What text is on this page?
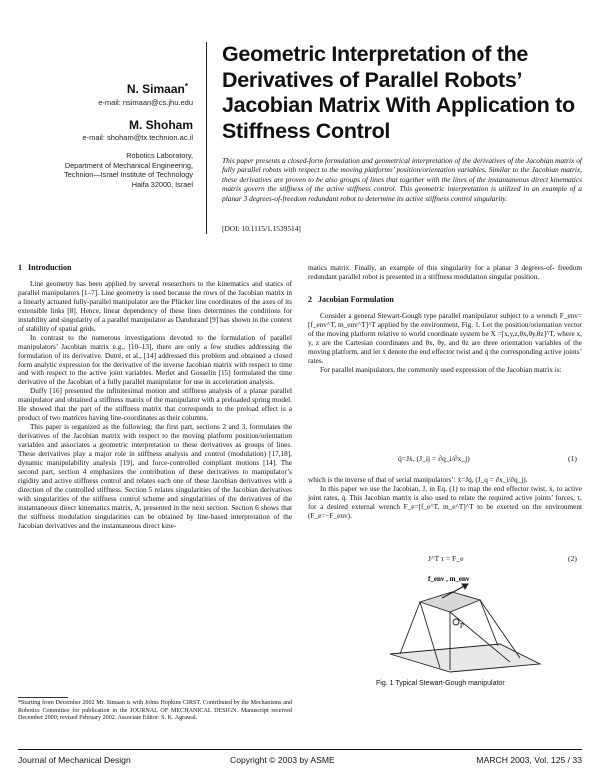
N. Simaan*
e-mail: nsimaan@cs.jhu.edu
M. Shoham
e-mail: shoham@tx.technion.ac.il
Robotics Laboratory,
Department of Mechanical Engineering,
Technion—Israel Institute of Technology
Haifa 32000, Israel
Geometric Interpretation of the Derivatives of Parallel Robots’ Jacobian Matrix With Application to Stiffness Control
This paper presents a closed-form formulation and geometrical interpretation of the derivatives of the Jacobian matrix of fully parallel robots with respect to the moving platforms’ position/orientation variables. Similar to the Jacobian matrix, these derivatives are proven to be also groups of lines that together with the lines of the instantaneous direct kinematics matrix govern the stiffness of the active stiffness control. This geometric interpretation is utilized in an example of a planar 3 degrees-of-freedom redundant robot to determine its active stiffness control singularity.
[DOI: 10.1115/1.1539514]
1 Introduction

Line geometry has been applied by several researchers to the kinematics and statics of parallel manipulators [1–7]. Line geometry is used because the rows of the Jacobian matrix in a linearly actuated fully-parallel manipulator are the Plücker line coordinates of the axes of its extensible links [8]. Hence, linear dependency of these lines determines the conditions for instability and singularity of a parallel manipulator as Dandurand [9] has shown in the context of stability of spatial grids.

In contrast to the numerous investigations devoted to the formulation of parallel manipulators’ Jacobian matrix e.g., [10–13], there are only a few studies addressing the formulation of its derivative. Dutré, et al., [14] addressed this problem and obtained a closed form analytic expression for the derivative of the inverse Jacobian matrix with respect to time and with respect to the active joint variables. Merlet and Gosselin [15] formulated the time derivative of the Jacobian of a fully parallel manipulator for use in acceleration analysis.

Duffy [16] presented the infinitesimal motion and stiffness analysis of a planar parallel manipulator and obtained a stiffness matrix of the manipulator with a preloaded spring model. He showed that the part of the stiffness matrix that corresponds to the preload effect is a product of two matrices having line-coordinates as their columns.

This paper is organized as the following: the first part, sections 2 and 3, formulates the derivatives of the Jacobian matrix with respect to the moving platform position/orientation variables and associates a geometric interpretation to these derivatives as groups of lines. These derivatives play a major role in stiffness analysis and control (modulation) [17,18], dynamic manipulability analysis [19], and force-controlled compliant motions [14]. The second part, section 4 emphasizes the contribution of these derivatives to manipulator’s rigidity and active stiffness control and relates each one of these Jacobian derivatives with a direction of the controlled stiffness. Section 5 relates singularities of the Jacobian derivatives with singularities of the stiffness control scheme and singularities of the derivatives of the instantaneous direct kinematics matrix, A, presented in the next section. Section 6 shows that the stiffness modulation singularities can be obtained by line-based interpretation of the Jacobian derivatives and the instantaneous direct kine-

*Starting from December 2002 Mr. Simaan is with Johns Hopkins CIRST. Contributed by the Mechanisms and Robotics Committee for publication in the JOURNAL OF MECHANICAL DESIGN. Manuscript received December 2000; revised February 2002. Associate Editor: S. K. Agrawal.

matics matrix. Finally, an example of this singularity for a planar 3 degrees-of- freedom redundant parallel robot is presented in a stiffness modulation singular position.

2 Jacobian Formulation

Consider a general Stewart-Gough type parallel manipulator subject to a wrench F_env=[f_env^T, m_env^T]^T applied by the environment, Fig. 1. Let the position/orientation vector of the moving platform relative to world coordinate system be X =[x,y,z,θx,θy,θz]^T, where x, y, z are the Cartesian coordinates and θx, θy, and θz are three orientation variables of the moving platform, and let ẋ denote the end effector twist and q̇ the corresponding active joints’ rates.

For parallel manipulators, the commonly used expression of the Jacobian matrix is:

q̇=Jẋ, (J_ij = ∂q_i/∂x_j)	(1)

which is the inverse of that of serial manipulators’: ẋ=Jq̇, (J_q = ∂x_i/∂q_j).

In this paper we use the Jacobian, J, in Eq. (1) to map the end effector twist, ẋ, to active joint rates, q̇. This Jacobian matrix is also used to relate the required active joints’ forces, τ, for a desired external wrench F_e=[f_e^T, m_e^T]^T to be exerted on the environment (F_e=−F_env).

J^T τ = F_e	(2)
f_env , m_env
P
Fig. 1 Typical Stewart-Gough manipulator
Journal of Mechanical Design	Copyright © 2003 by ASME	MARCH 2003, Vol. 125 / 33
